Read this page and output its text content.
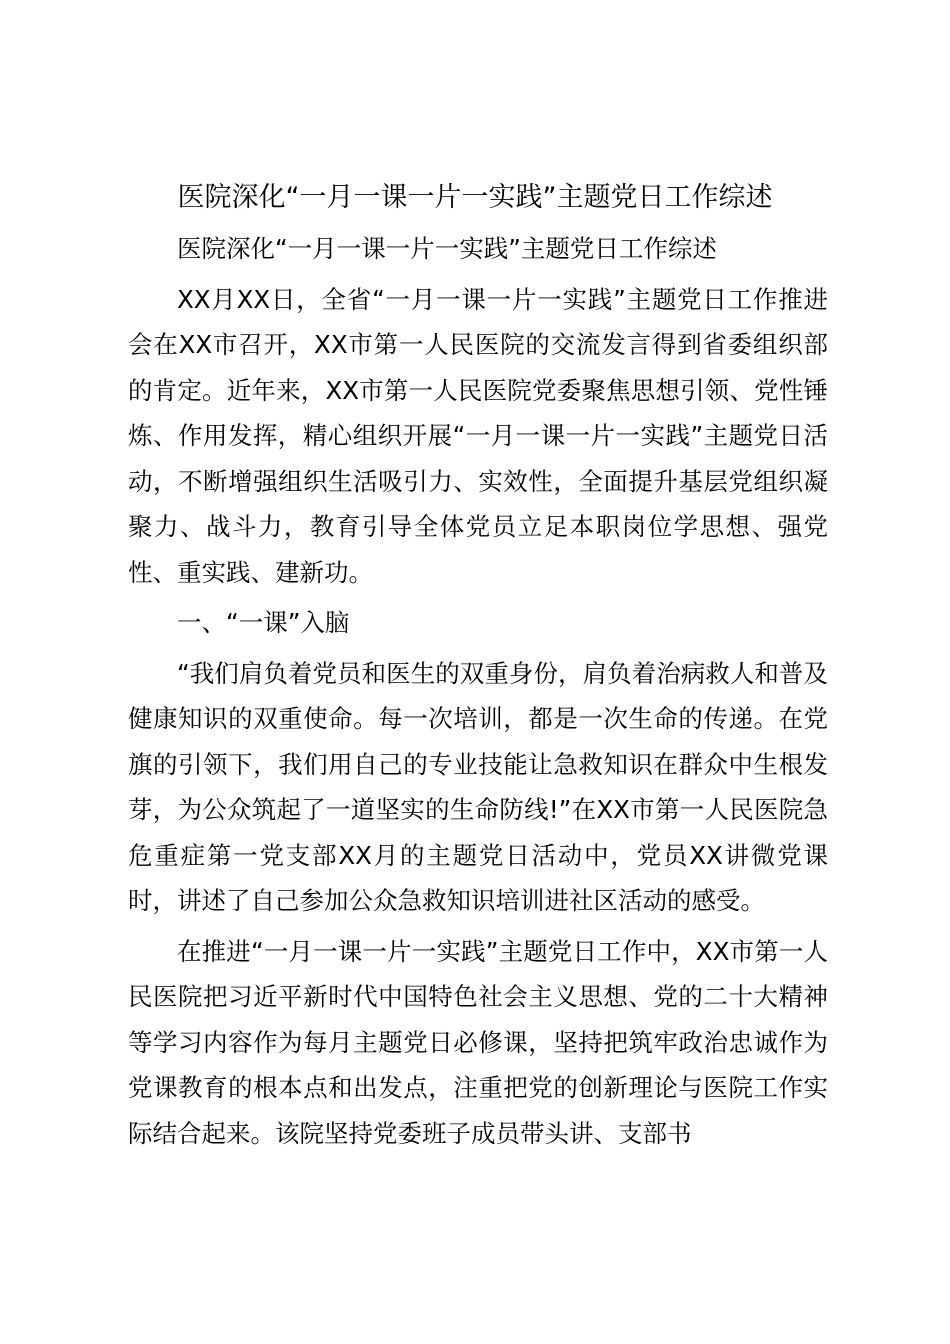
医院深化“一月一课一片一实践”主题党日工作综述

医院深化“一月一课一片一实践”主题党日工作综述

XX月XX日，全省“一月一课一片一实践”主题党日工作推进会在XX市召开，XX市第一人民医院的交流发言得到省委组织部的肯定。近年来，XX市第一人民医院党委聚焦思想引领、党性锤炼、作用发挥，精心组织开展“一月一课一片一实践”主题党日活动，不断增强组织生活吸引力、实效性，全面提升基层党组织凝聚力、战斗力，教育引导全体党员立足本职岗位学思想、强党性、重实践、建新功。

一、“一课”入脑

“我们肩负着党员和医生的双重身份，肩负着治病救人和普及健康知识的双重使命。每一次培训，都是一次生命的传递。在党旗的引领下，我们用自己的专业技能让急救知识在群众中生根发芽，为公众筑起了一道坚实的生命防线!”在XX市第一人民医院急危重症第一党支部XX月的主题党日活动中，党员XX讲微党课时，讲述了自己参加公众急救知识培训进社区活动的感受。

在推进“一月一课一片一实践”主题党日工作中，XX市第一人民医院把习近平新时代中国特色社会主义思想、党的二十大精神等学习内容作为每月主题党日必修课，坚持把筑牢政治忠诚作为党课教育的根本点和出发点，注重把党的创新理论与医院工作实际结合起来。该院坚持党委班子成员带头讲、支部书
